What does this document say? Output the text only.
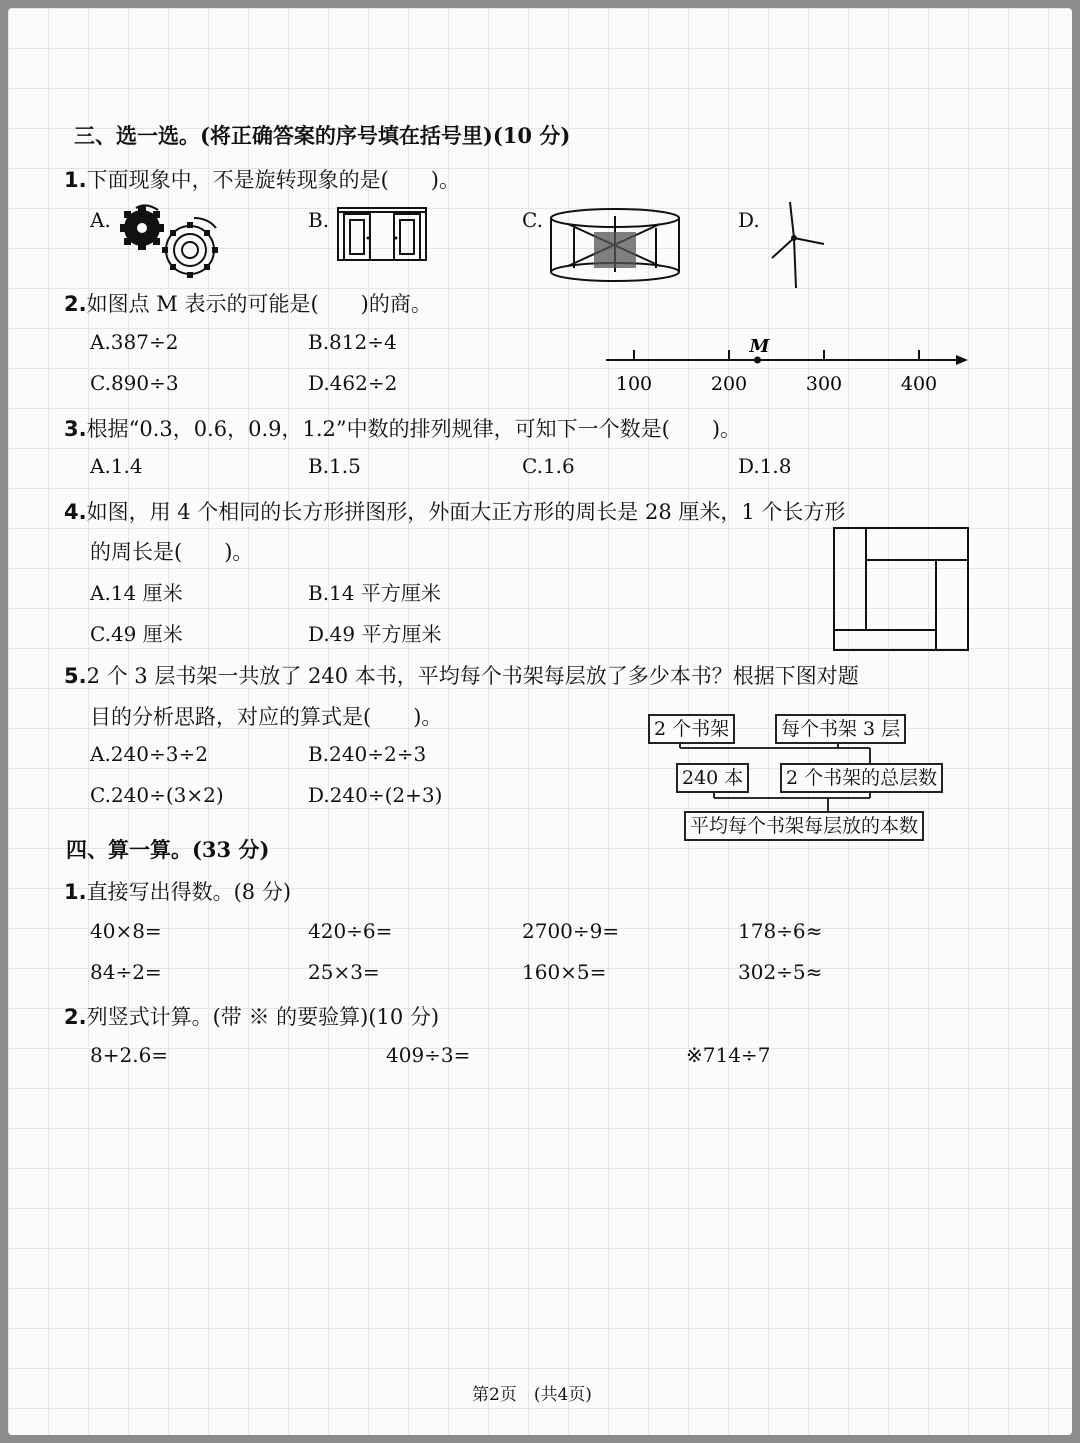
三、选一选。(将正确答案的序号填在括号里)(10 分)
1.下面现象中，不是旋转现象的是(　　)。
A.	B.	C.	D.
2.如图点 M 表示的可能是(　　)的商。
A.387÷2	B.812÷4
C.890÷3	D.462÷2	100	200	300	400
M
3.根据“0.3，0.6，0.9，1.2”中数的排列规律，可知下一个数是(　　)。
A.1.4	B.1.5	C.1.6	D.1.8
4.如图，用 4 个相同的长方形拼图形，外面大正方形的周长是 28 厘米，1 个长方形
的周长是(　　)。
A.14 厘米	B.14 平方厘米
C.49 厘米	D.49 平方厘米
5.2 个 3 层书架一共放了 240 本书，平均每个书架每层放了多少本书？根据下图对题
目的分析思路，对应的算式是(　　)。
A.240÷3÷2	B.240÷2÷3
C.240÷(3×2)	D.240÷(2+3)
2 个书架	每个书架 3 层
240 本	2 个书架的总层数
平均每个书架每层放的本数
四、算一算。(33 分)
1.直接写出得数。(8 分)
40×8=	420÷6=	2700÷9=	178÷6≈
84÷2=	25×3=	160×5=	302÷5≈
2.列竖式计算。(带 ※ 的要验算)(10 分)
8+2.6=	409÷3=	※714÷7
第2页　(共4页)
